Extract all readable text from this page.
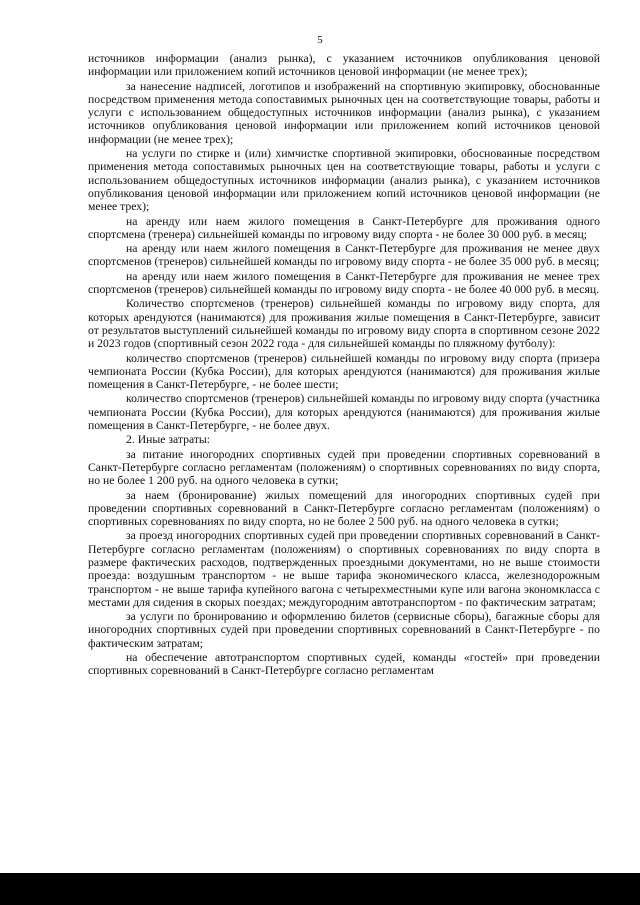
5

источников информации (анализ рынка), с указанием источников опубликования ценовой информации или приложением копий источников ценовой информации (не менее трех);

за нанесение надписей, логотипов и изображений на спортивную экипировку, обоснованные посредством применения метода сопоставимых рыночных цен на соответствующие товары, работы и услуги с использованием общедоступных источников информации (анализ рынка), с указанием источников опубликования ценовой информации или приложением копий источников ценовой информации (не менее трех);

на услуги по стирке и (или) химчистке спортивной экипировки, обоснованные посредством применения метода сопоставимых рыночных цен на соответствующие товары, работы и услуги с использованием общедоступных источников информации (анализ рынка), с указанием источников опубликования ценовой информации или приложением копий источников ценовой информации (не менее трех);

на аренду или наем жилого помещения в Санкт-Петербурге для проживания одного спортсмена (тренера) сильнейшей команды по игровому виду спорта - не более 30 000 руб. в месяц;

на аренду или наем жилого помещения в Санкт-Петербурге для проживания не менее двух спортсменов (тренеров) сильнейшей команды по игровому виду спорта - не более 35 000 руб. в месяц;

на аренду или наем жилого помещения в Санкт-Петербурге для проживания не менее трех спортсменов (тренеров) сильнейшей команды по игровому виду спорта - не более 40 000 руб. в месяц.

Количество спортсменов (тренеров) сильнейшей команды по игровому виду спорта, для которых арендуются (нанимаются) для проживания жилые помещения в Санкт-Петербурге, зависит от результатов выступлений сильнейшей команды по игровому виду спорта в спортивном сезоне 2022 и 2023 годов (спортивный сезон 2022 года - для сильнейшей команды по пляжному футболу):

количество спортсменов (тренеров) сильнейшей команды по игровому виду спорта (призера чемпионата России (Кубка России), для которых арендуются (нанимаются) для проживания жилые помещения в Санкт-Петербурге, - не более шести;

количество спортсменов (тренеров) сильнейшей команды по игровому виду спорта (участника чемпионата России (Кубка России), для которых арендуются (нанимаются) для проживания жилые помещения в Санкт-Петербурге, - не более двух.

2. Иные затраты:

за питание иногородних спортивных судей при проведении спортивных соревнований в Санкт-Петербурге согласно регламентам (положениям) о спортивных соревнованиях по виду спорта, но не более 1 200 руб. на одного человека в сутки;

за наем (бронирование) жилых помещений для иногородних спортивных судей при проведении спортивных соревнований в Санкт-Петербурге согласно регламентам (положениям) о спортивных соревнованиях по виду спорта, но не более 2 500 руб. на одного человека в сутки;

за проезд иногородних спортивных судей при проведении спортивных соревнований в Санкт-Петербурге согласно регламентам (положениям) о спортивных соревнованиях по виду спорта в размере фактических расходов, подтвержденных проездными документами, но не выше стоимости проезда: воздушным транспортом - не выше тарифа экономического класса, железнодорожным транспортом - не выше тарифа купейного вагона с четырехместными купе или вагона экономкласса с местами для сидения в скорых поездах; междугородним автотранспортом - по фактическим затратам;

за услуги по бронированию и оформлению билетов (сервисные сборы), багажные сборы для иногородних спортивных судей при проведении спортивных соревнований в Санкт-Петербурге - по фактическим затратам;

на обеспечение автотранспортом спортивных судей, команды «гостей» при проведении спортивных соревнований в Санкт-Петербурге согласно регламентам
